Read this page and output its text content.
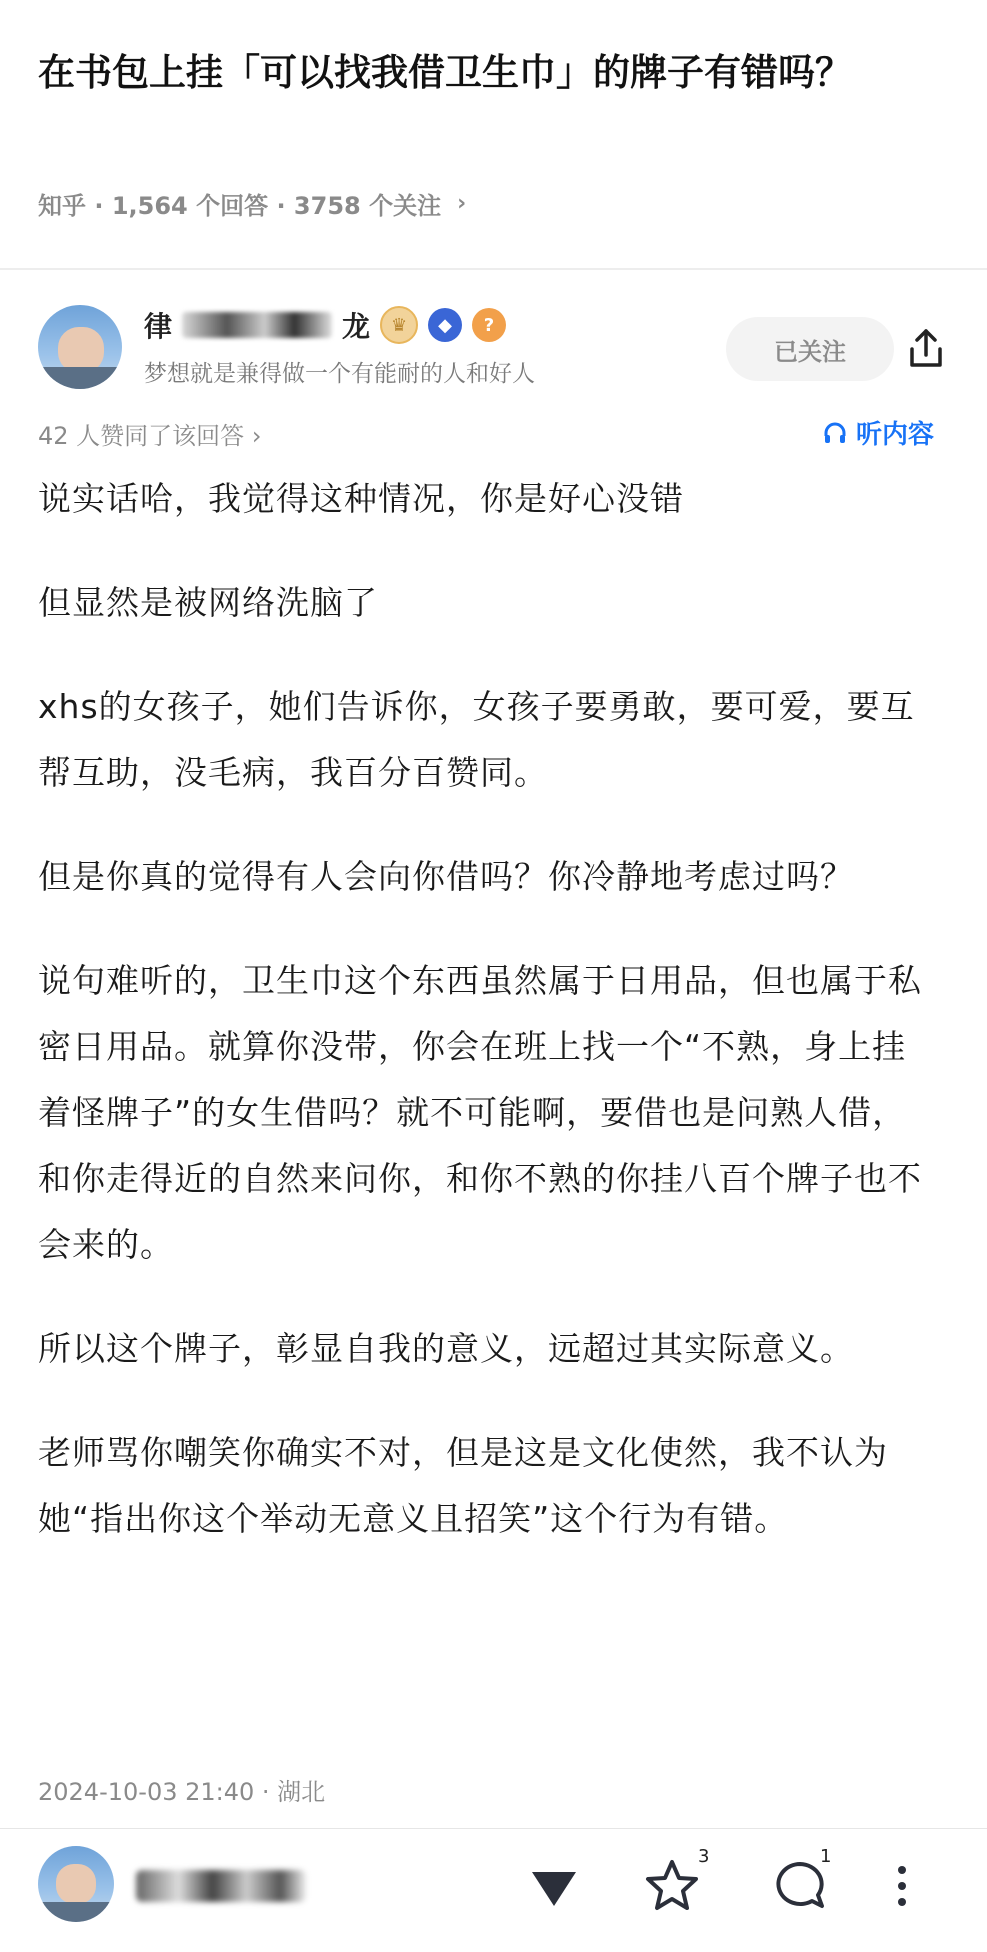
在书包上挂「可以找我借卫生巾」的牌子有错吗？
知乎 · 1,564 个回答 · 3758 个关注 ›
律	龙	♛	◆	?
梦想就是兼得做一个有能耐的人和好人
已关注
42 人赞同了该回答 ›	听内容

说实话哈，我觉得这种情况，你是好心没错

但显然是被网络洗脑了

xhs的女孩子，她们告诉你，女孩子要勇敢，要可爱，要互帮互助，没毛病，我百分百赞同。

但是你真的觉得有人会向你借吗？你冷静地考虑过吗？

说句难听的，卫生巾这个东西虽然属于日用品，但也属于私密日用品。就算你没带，你会在班上找一个“不熟，身上挂着怪牌子”的女生借吗？就不可能啊，要借也是问熟人借，和你走得近的自然来问你，和你不熟的你挂八百个牌子也不会来的。

所以这个牌子，彰显自我的意义，远超过其实际意义。

老师骂你嘲笑你确实不对，但是这是文化使然，我不认为她“指出你这个举动无意义且招笑”这个行为有错。

2024-10-03 21:40 · 湖北
3	1
